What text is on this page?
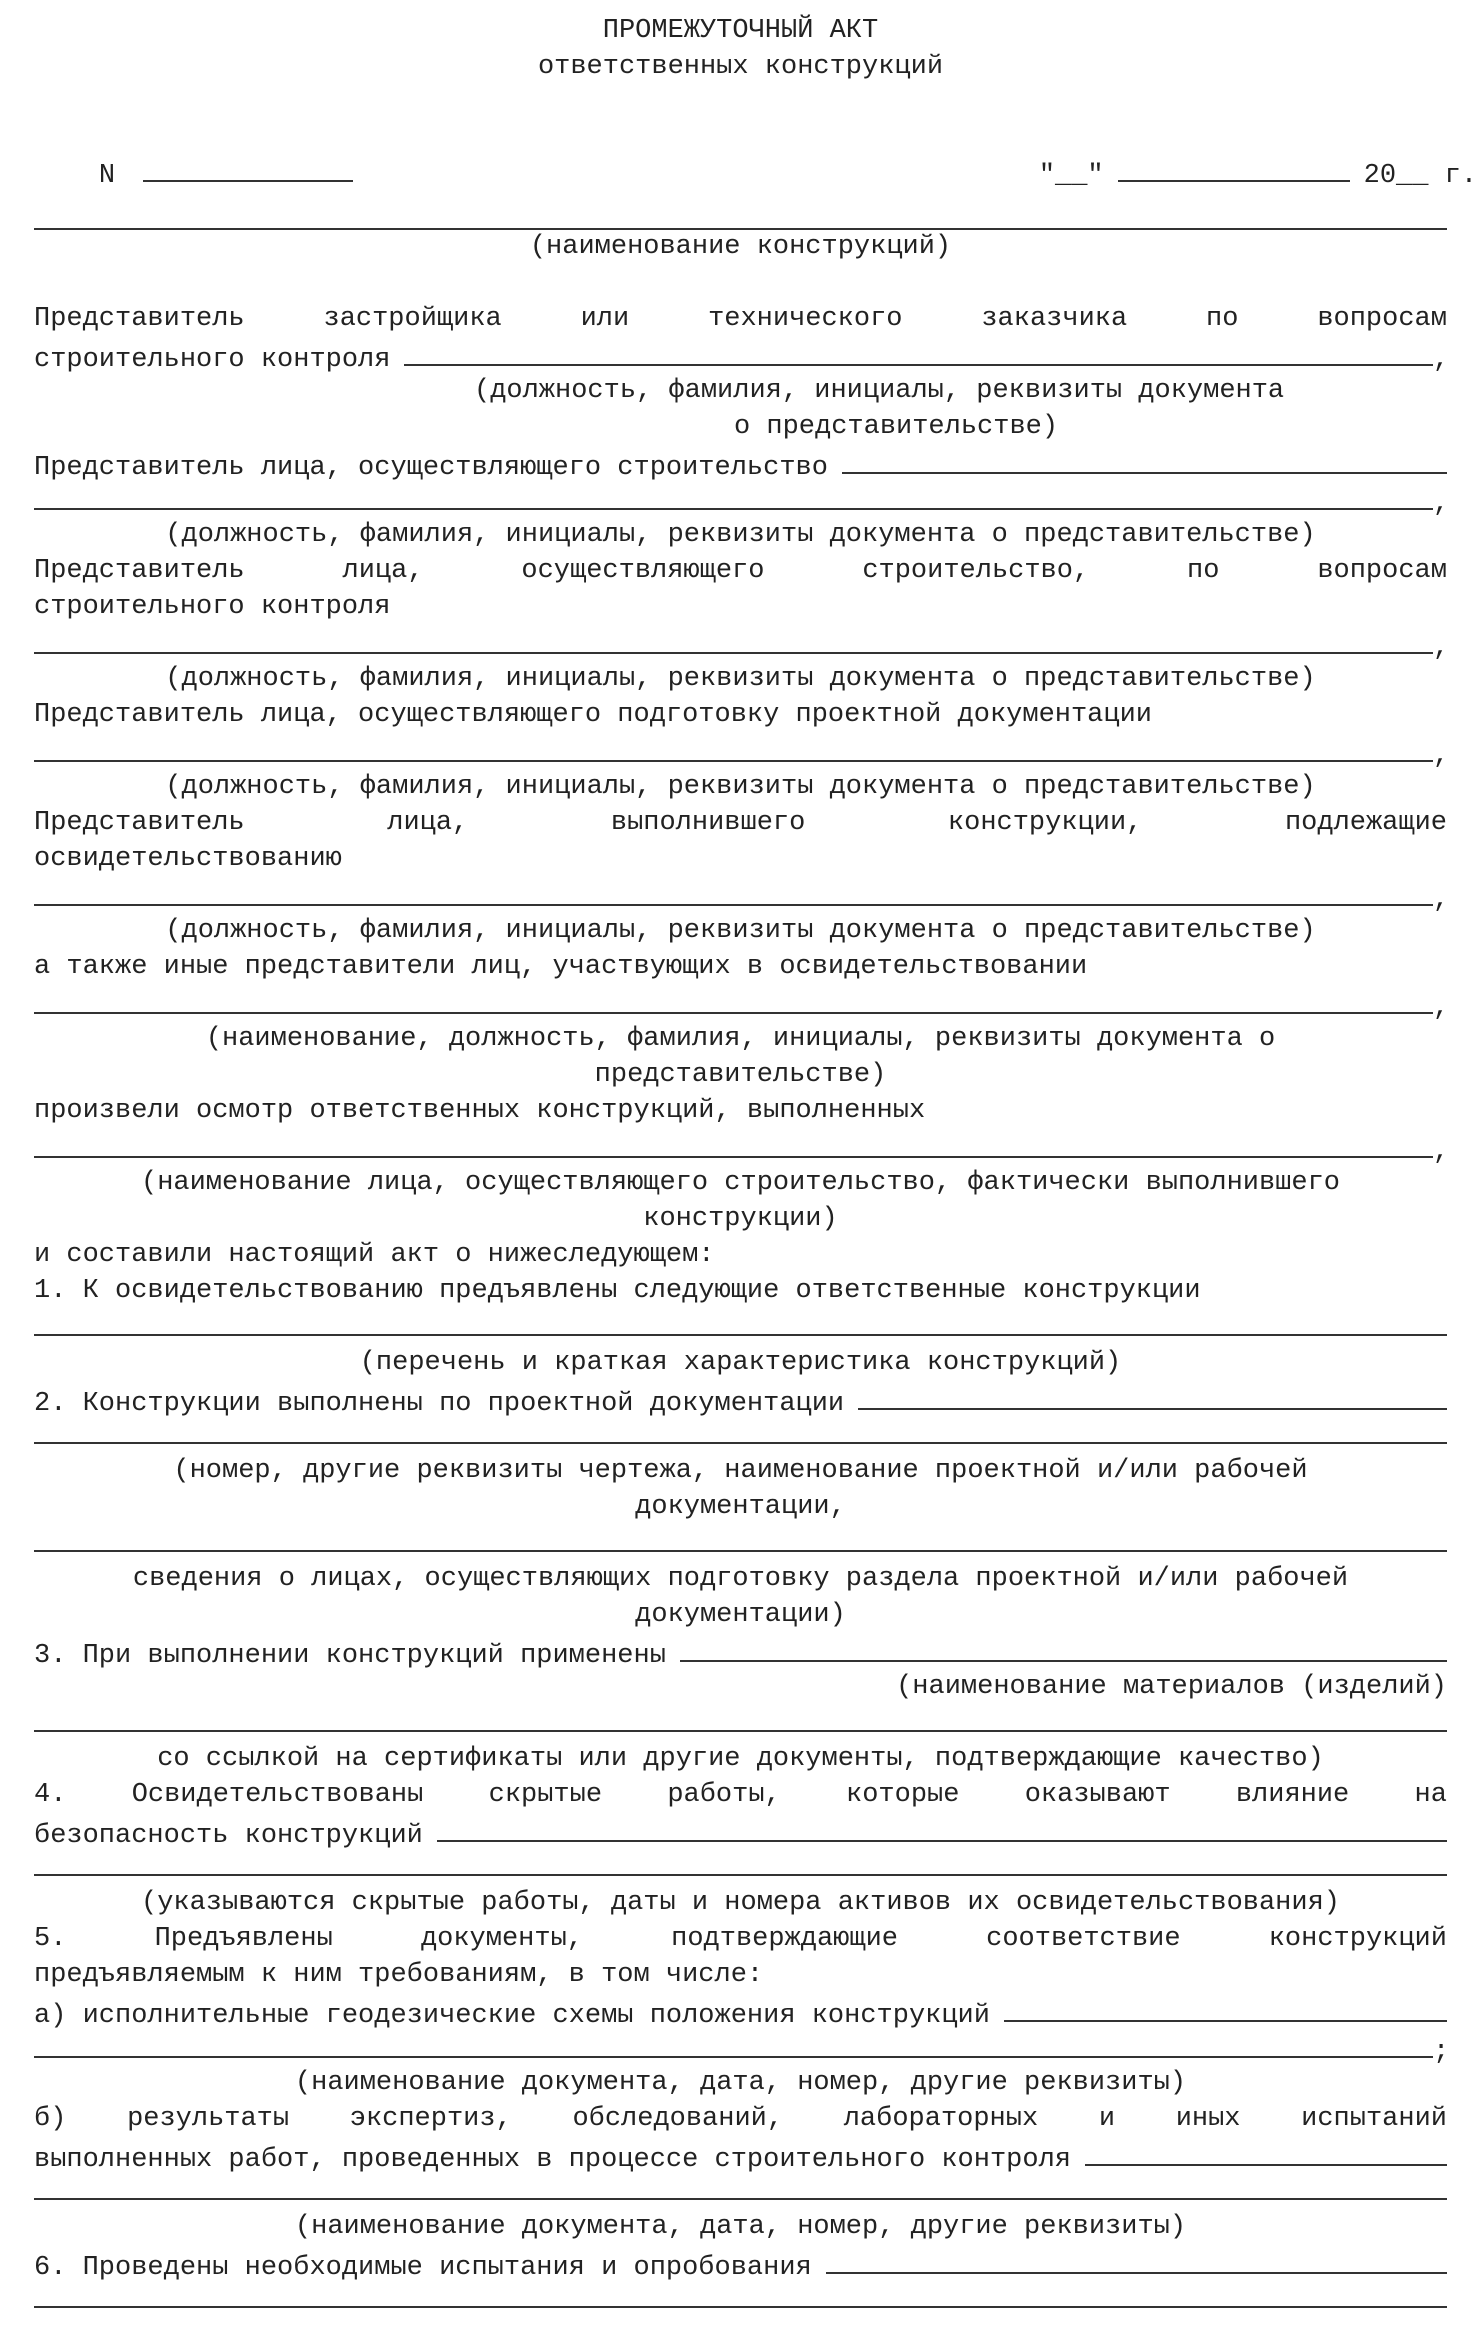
ПРОМЕЖУТОЧНЫЙ АКТ
ответственных конструкций

N
	"__"	20__ г.

(наименование конструкций)
Представитель	застройщика	или	технического	заказчика	по	вопросам
строительного контроля	,
(должность, фамилия, инициалы, реквизиты документа
о представительстве)
Представитель лица, осуществляющего строительство
,
(должность, фамилия, инициалы, реквизиты документа о представительстве)
Представитель	лица,	осуществляющего	строительство,	по	вопросам
строительного контроля
,
(должность, фамилия, инициалы, реквизиты документа о представительстве)
Представитель лица, осуществляющего подготовку проектной документации
,
(должность, фамилия, инициалы, реквизиты документа о представительстве)
Представитель	лица,	выполнившего	конструкции,	подлежащие
освидетельствованию
,
(должность, фамилия, инициалы, реквизиты документа о представительстве)
а также иные представители лиц, участвующих в освидетельствовании
,
(наименование, должность, фамилия, инициалы, реквизиты документа о
представительстве)
произвели осмотр ответственных конструкций, выполненных
,
(наименование лица, осуществляющего строительство, фактически выполнившего
конструкции)
и составили настоящий акт о нижеследующем:
1. К освидетельствованию предъявлены следующие ответственные конструкции
(перечень и краткая характеристика конструкций)
2. Конструкции выполнены по проектной документации
(номер, другие реквизиты чертежа, наименование проектной и/или рабочей
документации,
сведения о лицах, осуществляющих подготовку раздела проектной и/или рабочей
документации)
3. При выполнении конструкций применены
(наименование материалов (изделий)
со ссылкой на сертификаты или другие документы, подтверждающие качество)
4. Освидетельствованы скрытые работы, которые оказывают влияние на
безопасность конструкций
(указываются скрытые работы, даты и номера активов их освидетельствования)
5.	Предъявлены	документы,	подтверждающие	соответствие	конструкций
предъявляемым к ним требованиям, в том числе:
а) исполнительные геодезические схемы положения конструкций
;
(наименование документа, дата, номер, другие реквизиты)
б) результаты экспертиз, обследований, лабораторных и иных испытаний
выполненных работ, проведенных в процессе строительного контроля
(наименование документа, дата, номер, другие реквизиты)
6. Проведены необходимые испытания и опробования
